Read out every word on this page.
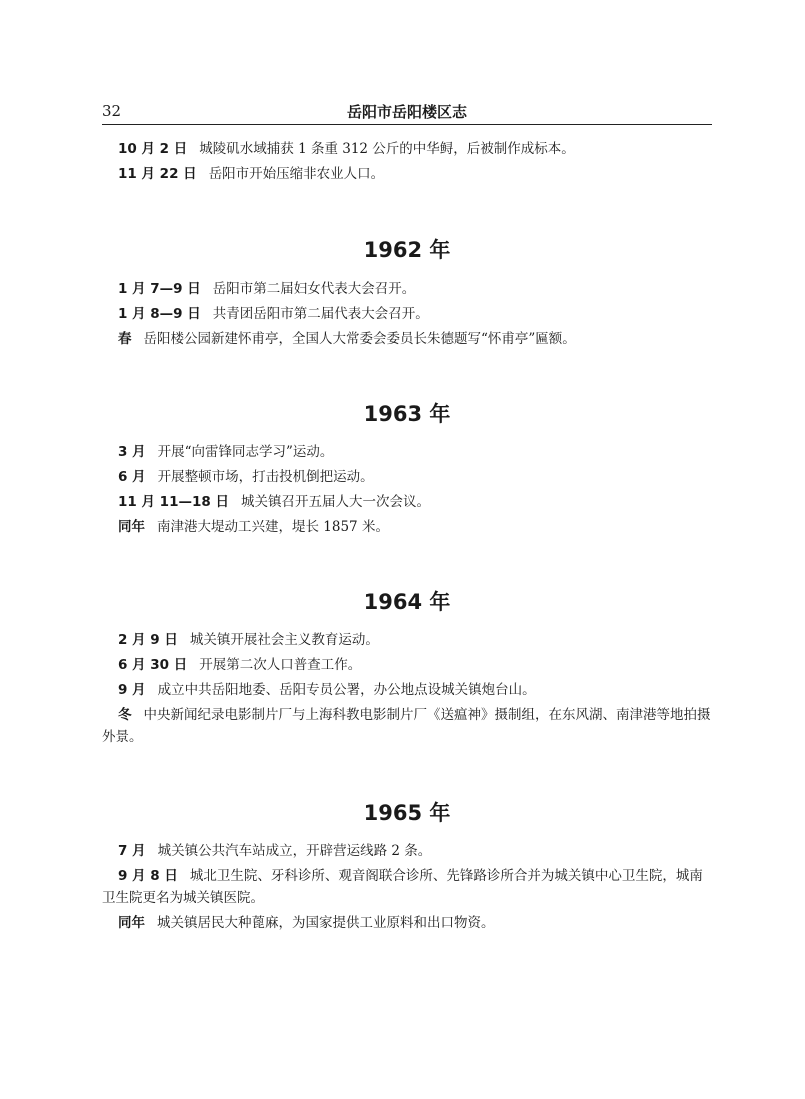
32	岳阳市岳阳楼区志

10 月 2 日 城陵矶水域捕获 1 条重 312 公斤的中华鲟，后被制作成标本。

11 月 22 日 岳阳市开始压缩非农业人口。

1962 年

1 月 7—9 日 岳阳市第二届妇女代表大会召开。

1 月 8—9 日 共青团岳阳市第二届代表大会召开。

春 岳阳楼公园新建怀甫亭，全国人大常委会委员长朱德题写“怀甫亭”匾额。

1963 年

3 月 开展“向雷锋同志学习”运动。

6 月 开展整顿市场，打击投机倒把运动。

11 月 11—18 日 城关镇召开五届人大一次会议。

同年 南津港大堤动工兴建，堤长 1857 米。

1964 年

2 月 9 日 城关镇开展社会主义教育运动。

6 月 30 日 开展第二次人口普查工作。

9 月 成立中共岳阳地委、岳阳专员公署，办公地点设城关镇炮台山。

冬 中央新闻纪录电影制片厂与上海科教电影制片厂《送瘟神》摄制组，在东风湖、南津港等地拍摄外景。

1965 年

7 月 城关镇公共汽车站成立，开辟营运线路 2 条。

9 月 8 日 城北卫生院、牙科诊所、观音阁联合诊所、先锋路诊所合并为城关镇中心卫生院，城南卫生院更名为城关镇医院。

同年 城关镇居民大种蓖麻，为国家提供工业原料和出口物资。
